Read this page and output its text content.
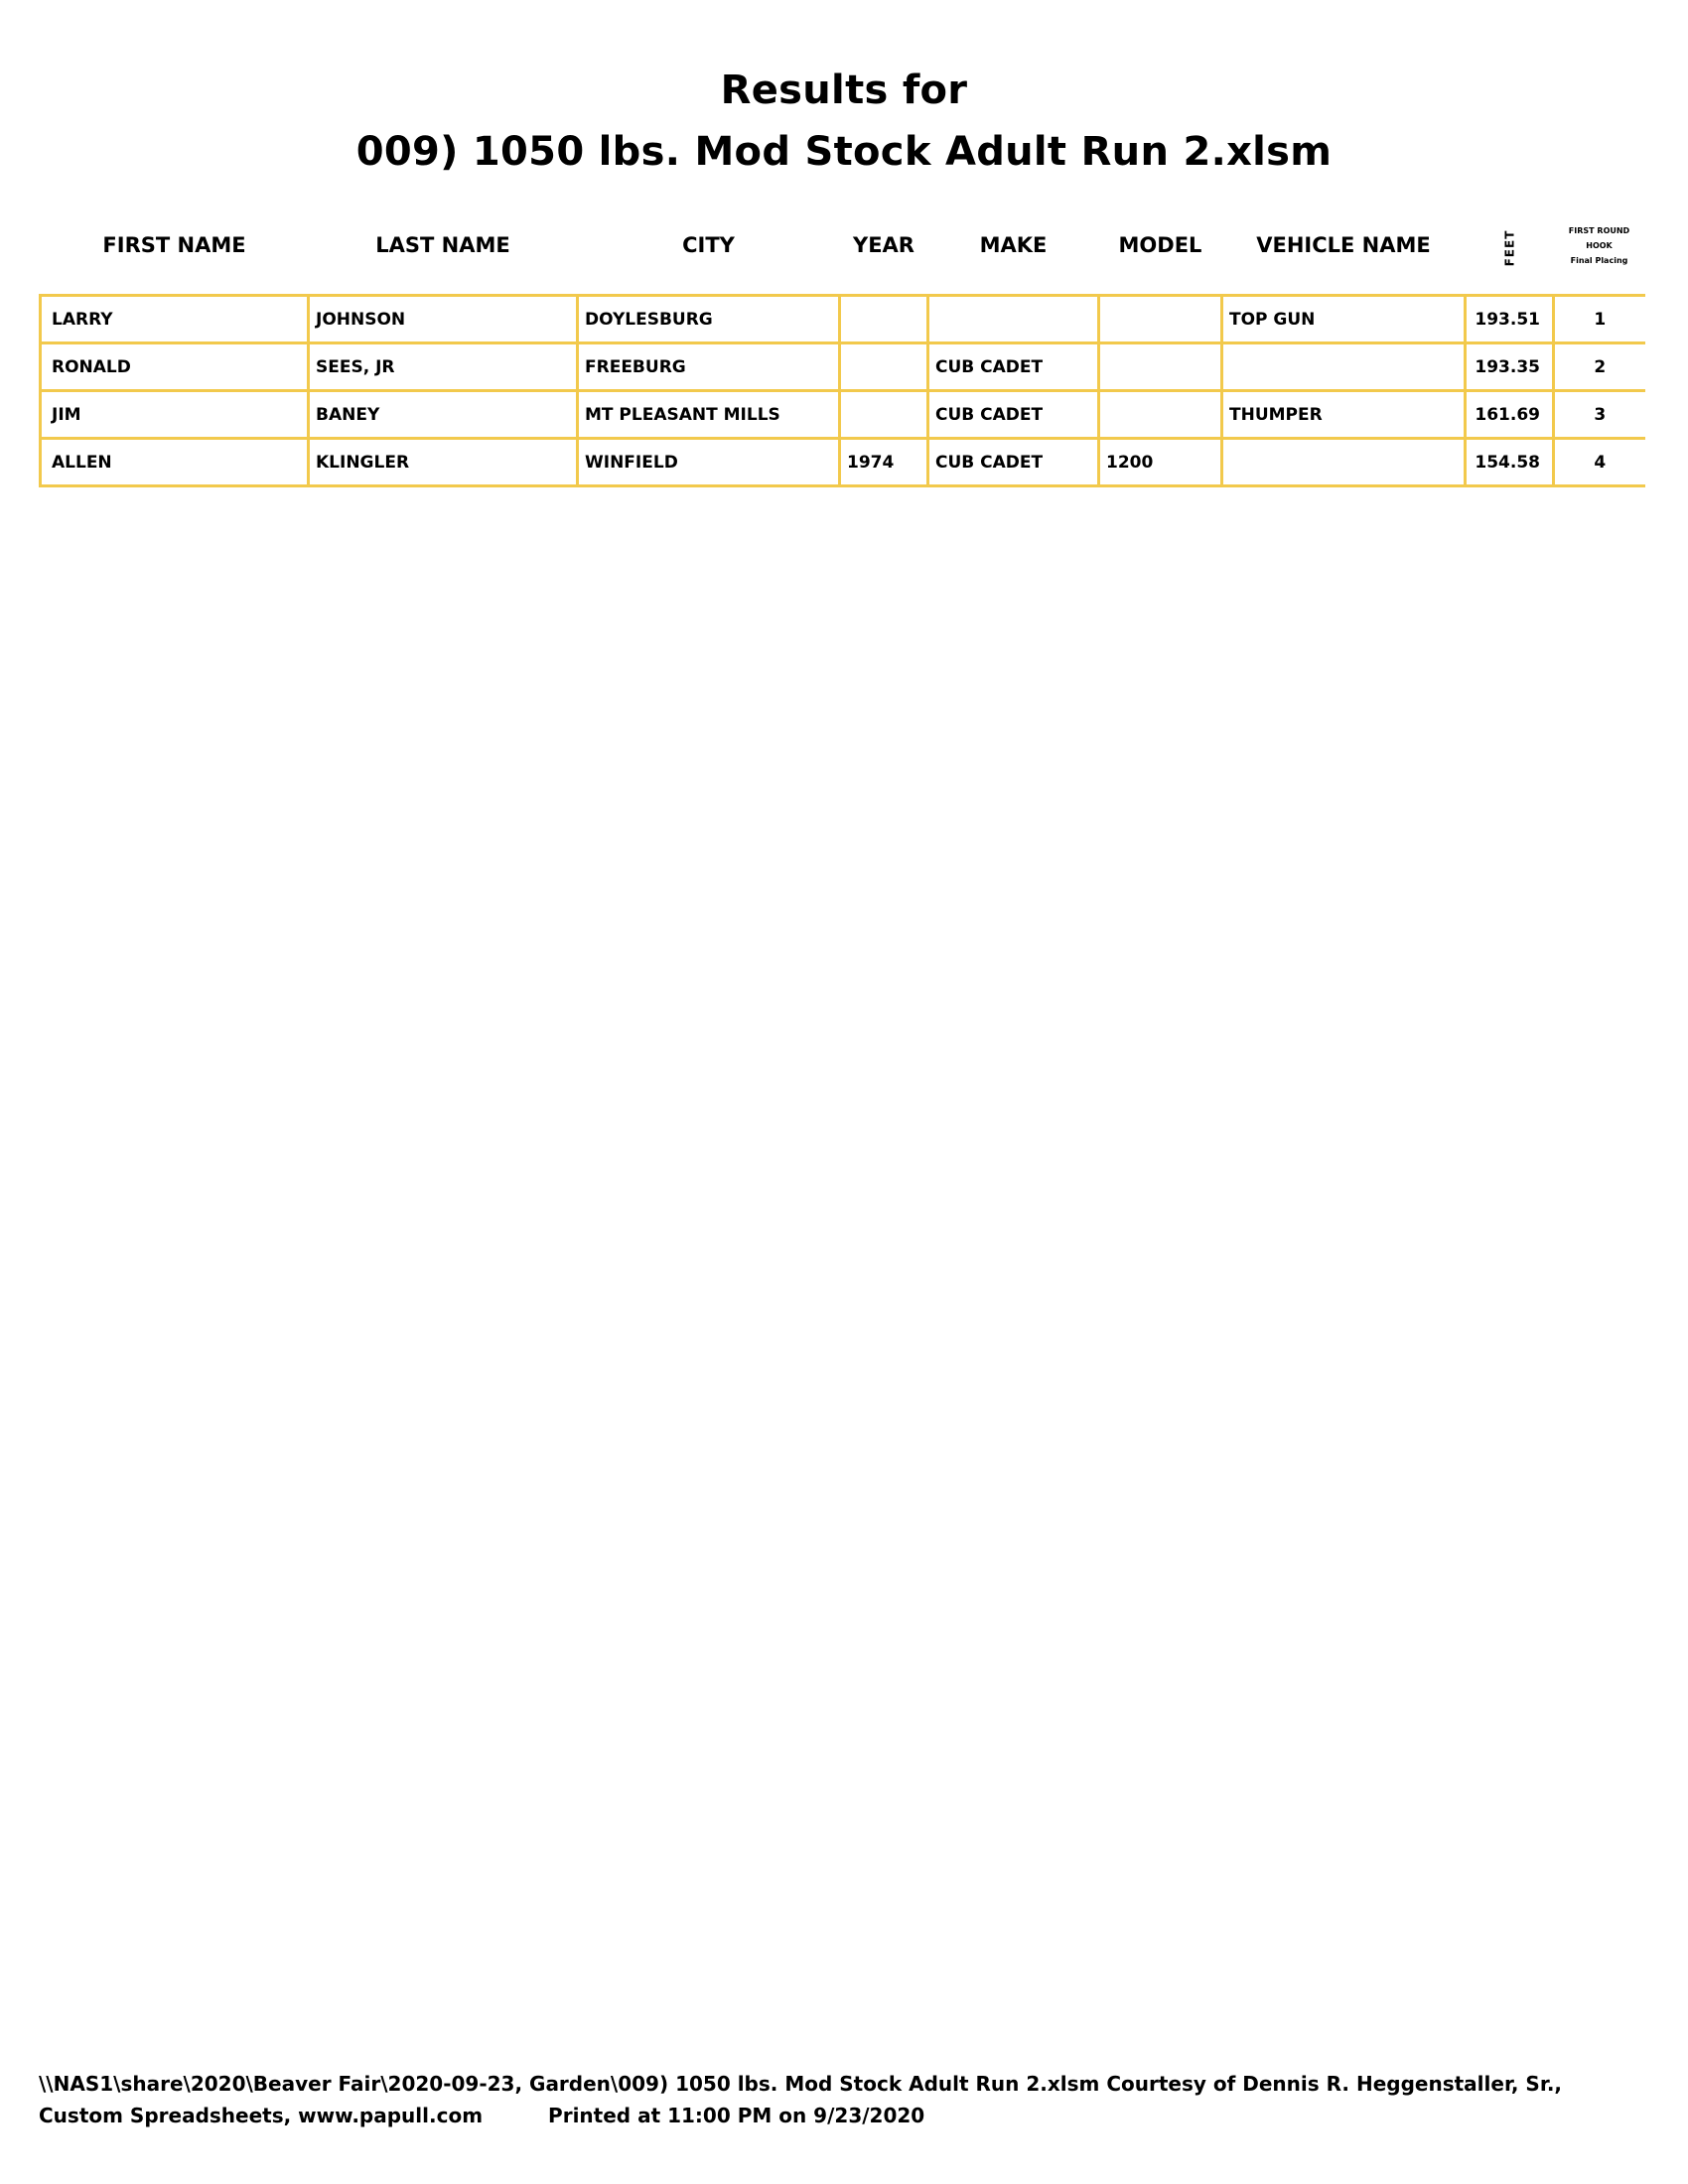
Results for
009) 1050 lbs. Mod Stock Adult Run 2.xlsm
FIRST NAME	LAST NAME	CITY	YEAR	MAKE	MODEL	VEHICLE NAME	FEET	FIRST ROUND
HOOK
Final Placing

LARRY	JOHNSON	DOYLESBURG				TOP GUN	193.51	1
RONALD	SEES, JR	FREEBURG		CUB CADET			193.35	2
JIM	BANEY	MT PLEASANT MILLS		CUB CADET		THUMPER	161.69	3
ALLEN	KLINGLER	WINFIELD	1974	CUB CADET	1200		154.58	4
\\NAS1\share\2020\Beaver Fair\2020-09-23, Garden\009) 1050 lbs. Mod Stock Adult Run 2.xlsm Courtesy of Dennis R. Heggenstaller, Sr.,
Custom Spreadsheets, www.papull.com	Printed at 11:00 PM on 9/23/2020
